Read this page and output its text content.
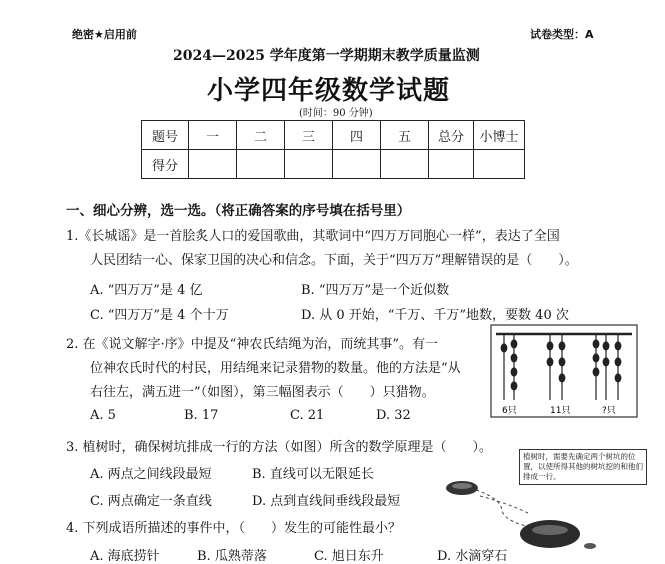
绝密★启用前	试卷类型：A
2024—2025 学年度第一学期期末教学质量监测
小学四年级数学试题
(时间：90 分钟)
题号	一	二	三	四	五	总分	小博士
得分							
一、细心分辨，选一选。（将正确答案的序号填在括号里）
1.《长城谣》是一首脍炙人口的爱国歌曲，其歌词中“四万万同胞心一样”，表达了全国
人民团结一心、保家卫国的决心和信念。下面，关于“四万万”理解错误的是（　　）。
A. “四万万”是 4 亿	B. “四万万”是一个近似数
C. “四万万”是 4 个十万	D. 从 0 开始，“千万、千万”地数，要数 40 次
2. 在《说文解字·序》中提及“神农氏结绳为治，而统其事”。有一
位神农氏时代的村民，用结绳来记录猎物的数量。他的方法是“从
右往左，满五进一”（如图），第三幅图表示（　　）只猎物。
A. 5	B. 17	C. 21	D. 32	6只	11只	?只
3. 植树时，确保树坑排成一行的方法（如图）所含的数学原理是（　　）。
A. 两点之间线段最短	B. 直线可以无限延长
C. 两点确定一条直线	D. 点到直线间垂线段最短
植树时，需要先确定两个树坑的位置，以使所得其他的树坑挖的和他们排成一行。
4. 下列成语所描述的事件中，（　　）发生的可能性最小？
A. 海底捞针	B. 瓜熟蒂落	C. 旭日东升	D. 水滴穿石
